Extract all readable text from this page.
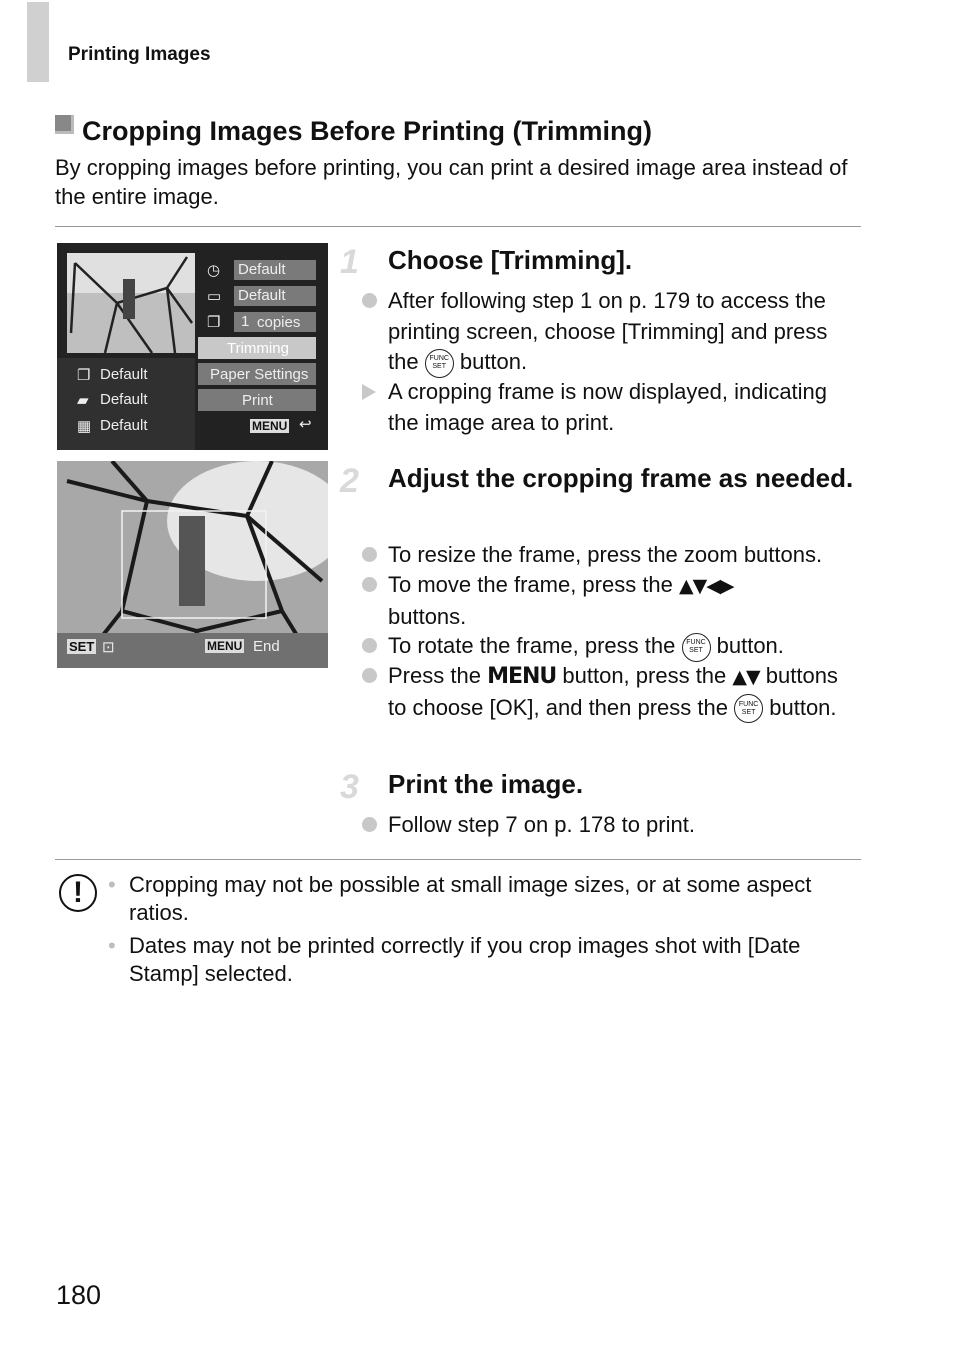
Printing Images
Cropping Images Before Printing (Trimming)
By cropping images before printing, you can print a desired image area instead of the entire image.
◷
▭
❐
Default
Default
1 copies
Trimming
Paper Settings
Print
❐
▰
▦
Default
Default
Default	MENU ↩
SET ⊡	MENU End
1 Choose [Trimming].
After following step 1 on p. 179 to access the printing screen, choose [Trimming] and press the FUNC
SET button.
A cropping frame is now displayed, indicating the image area to print.
2 Adjust the cropping frame as needed.
To resize the frame, press the zoom buttons.
To move the frame, press the ▲▼◀▶
buttons.
To rotate the frame, press the FUNC
SET button.
Press the MENU button, press the ▲▼ buttons to choose [OK], and then press the FUNC
SET button.
3 Print the image.
Follow step 7 on p. 178 to print.
!	• Cropping may not be possible at small image sizes, or at some aspect ratios.
• Dates may not be printed correctly if you crop images shot with [Date Stamp] selected.
180
